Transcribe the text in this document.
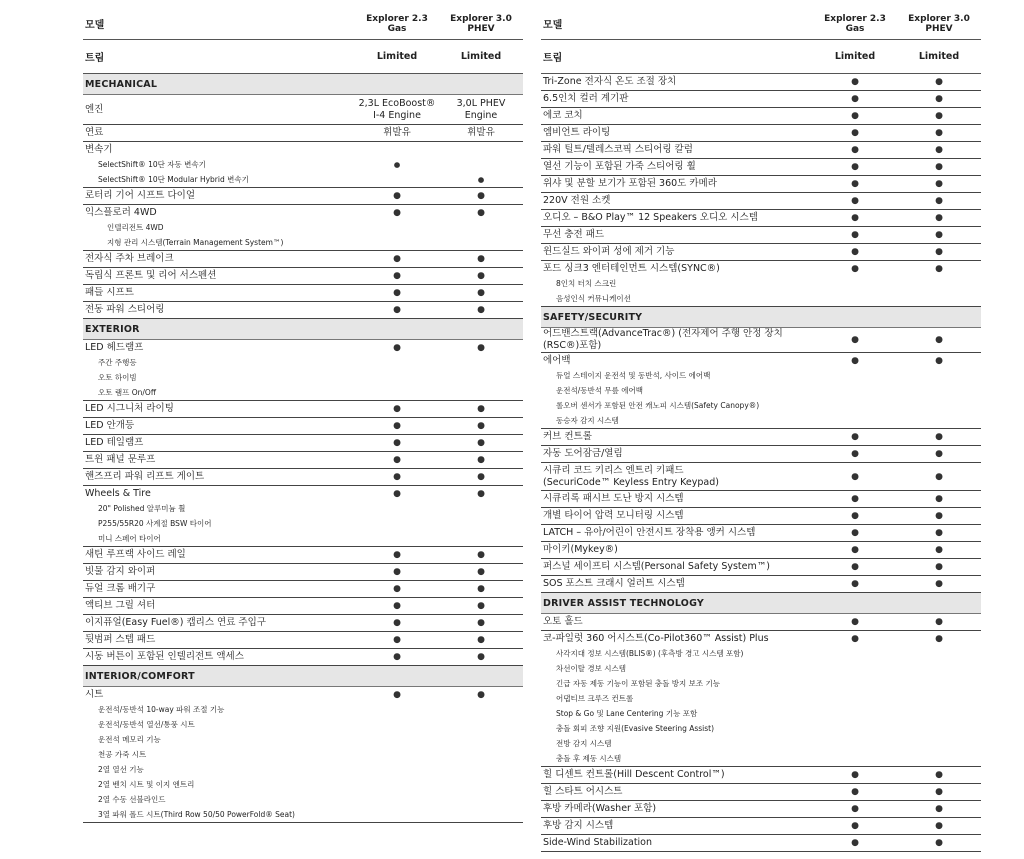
모델	Explorer 2.3 Gas	Explorer 3.0 PHEV
트림	Limited	Limited
MECHANICAL		
엔진	2,3L EcoBoost® I-4 Engine	3,0L PHEV Engine
연료	휘발유	휘발유
변속기		
SelectShift® 10단 자동 변속기	●	
SelectShift® 10단 Modular Hybrid 변속기		●
로터리 기어 시프트 다이얼	●	●
익스플로러 4WD	●	●
인텔리전트 4WD		
지형 관리 시스템(Terrain Management System™)		
전자식 주차 브레이크	●	●
독립식 프론트 및 리어 서스펜션	●	●
패들 시프트	●	●
전동 파워 스티어링	●	●
EXTERIOR		
LED 헤드램프	●	●
주간 주행등		
오토 하이빔		
오토 램프 On/Off		
LED 시그니처 라이팅	●	●
LED 안개등	●	●
LED 테일램프	●	●
트윈 패널 문루프	●	●
핸즈프리 파워 리프트 게이트	●	●
Wheels & Tire	●	●
20" Polished 알루미늄 휠		
P255/55R20 사계절 BSW 타이어		
미니 스페어 타이어		
새틴 루프랙 사이드 레일	●	●
빗물 감지 와이퍼	●	●
듀얼 크롬 배기구	●	●
액티브 그릴 셔터	●	●
이지퓨얼(Easy Fuel®) 캡리스 연료 주입구	●	●
뒷범퍼 스텝 패드	●	●
시동 버튼이 포함된 인텔리전트 액세스	●	●
INTERIOR/COMFORT		
시트	●	●
운전석/동반석 10-way 파워 조절 기능		
운전석/동반석 열선/통풍 시트		
운전석 메모리 기능		
천공 가죽 시트		
2열 열선 기능		
2열 벤치 시트 및 이지 엔트리		
2열 수동 선블라인드		
3열 파워 폴드 시트(Third Row 50/50 PowerFold® Seat)		
모델	Explorer 2.3 Gas	Explorer 3.0 PHEV
트림	Limited	Limited
Tri-Zone 전자식 온도 조절 장치	●	●
6.5인치 컬러 계기판	●	●
에코 코치	●	●
엠비언트 라이팅	●	●
파워 틸트/텔레스코픽 스티어링 칼럼	●	●
열선 기능이 포함된 가죽 스티어링 휠	●	●
위샤 및 분할 보기가 포함된 360도 카메라	●	●
220V 전원 소켓	●	●
오디오 – B&O Play™ 12 Speakers 오디오 시스템	●	●
무선 충전 패드	●	●
윈드실드 와이퍼 성에 제거 기능	●	●
포드 싱크3 엔터테인먼트 시스템(SYNC®)	●	●
8인치 터치 스크린		
음성인식 커뮤니케이션		
SAFETY/SECURITY		
어드밴스트랙(AdvanceTrac®) (전자제어 주행 안정 장치(RSC®)포함)	●	●
에어백	●	●
듀얼 스테이지 운전석 및 동반석, 사이드 에어백		
운전석/동반석 무릎 에어백		
롤오버 센서가 포함된 안전 캐노피 시스템(Safety Canopy®)		
동승자 감지 시스템		
커브 컨트롤	●	●
자동 도어잠금/열림	●	●
시큐리 코드 키리스 엔트리 키패드
(SecuriCode™ Keyless Entry Keypad)	●	●
시큐리록 패시브 도난 방지 시스템	●	●
개별 타이어 압력 모니터링 시스템	●	●
LATCH – 유아/어린이 안전시트 장착용 앵커 시스템	●	●
마이키(Mykey®)	●	●
퍼스널 세이프티 시스템(Personal Safety System™)	●	●
SOS 포스트 크래시 얼러트 시스템	●	●
DRIVER ASSIST TECHNOLOGY		
오토 홀드	●	●
코-파일럿 360 어시스트(Co-Pilot360™ Assist) Plus	●	●
사각지대 정보 시스템(BLIS®) (후측방 경고 시스템 포함)		
차선이탈 경보 시스템		
긴급 자동 제동 기능이 포함된 충돌 방지 보조 기능		
어댑티브 크루즈 컨트롤		
Stop & Go 및 Lane Centering 기능 포함		
충돌 회피 조향 지원(Evasive Steering Assist)		
전방 감지 시스템		
충돌 후 제동 시스템		
힐 디센트 컨트롤(Hill Descent Control™)	●	●
힐 스타트 어시스트	●	●
후방 카메라(Washer 포함)	●	●
후방 감지 시스템	●	●
Side-Wind Stabilization	●	●
